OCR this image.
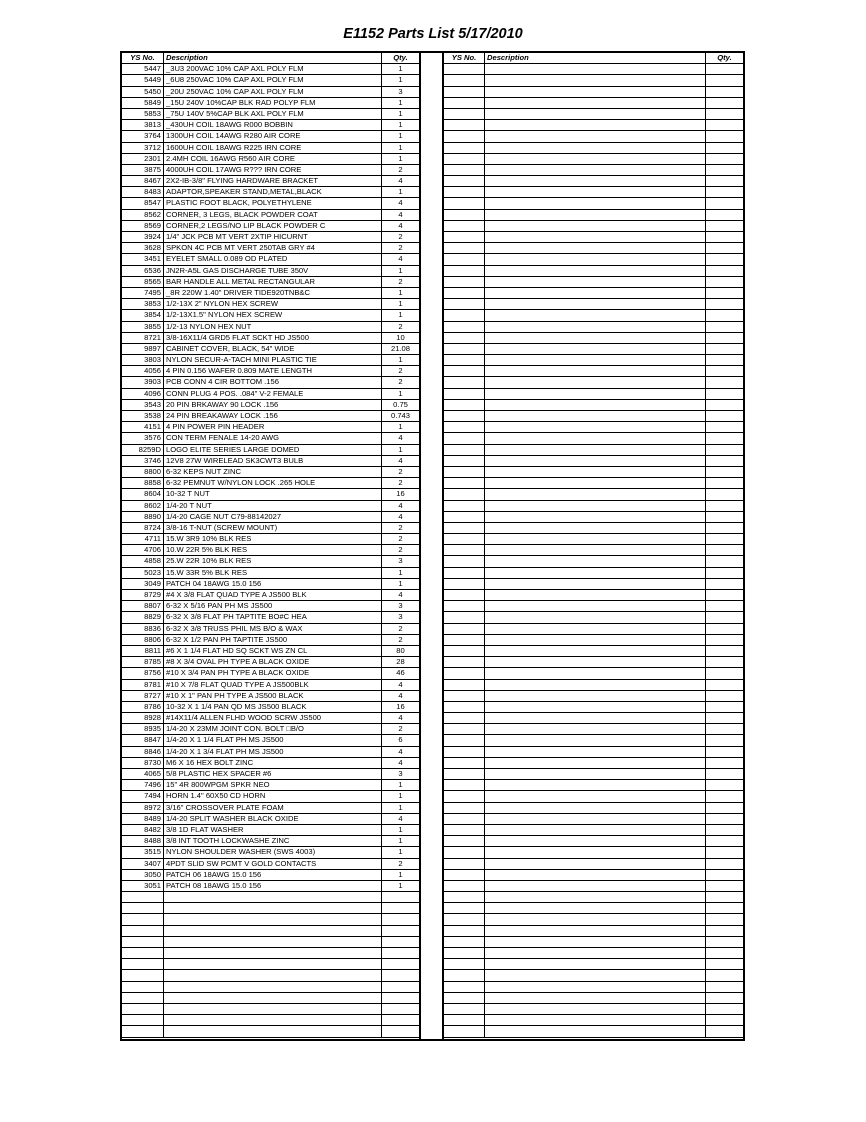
E1152 Parts List 5/17/2010
YS No.	Description	Qty.
5447 _3U3 200VAC 10% CAP AXL POLY FLM	1
5449 _6U8 250VAC 10% CAP AXL POLY FLM	1
5450 _20U 250VAC 10% CAP AXL POLY FLM	3
5849 _15U 240V 10%CAP BLK RAD POLYP FLM	1
5853 _75U 140V 5%CAP BLK AXL POLY FLM	1
3813 _430UH COIL 18AWG R000 BOBBIN	1
3764 1300UH COIL 14AWG R280 AIR CORE	1
3712 1600UH COIL 18AWG R225 IRN CORE	1
2301 2.4MH COIL 16AWG R560 AIR CORE	1
3875 4000UH COIL 17AWG R??? IRN CORE	2
8467 2X2-IB-3/8" FLYING HARDWARE BRACKET	4
8483 ADAPTOR,SPEAKER STAND,METAL,BLACK	1
8547 PLASTIC FOOT BLACK, POLYETHYLENE	4
8562 CORNER, 3 LEGS, BLACK POWDER COAT	4
8569 CORNER,2 LEGS/NO LIP BLACK POWDER C	4
3924 1/4" JCK PCB MT VERT 2XTIP HICURNT	2
3628 SPKON 4C PCB MT VERT 250TAB GRY #4	2
3451 EYELET SMALL 0.089 OD PLATED	4
6536 JN2R-A5L GAS DISCHARGE TUBE 350V	1
8565 BAR HANDLE ALL METAL RECTANGULAR	2
7495 _8R 220W 1.40" DRIVER TIDE920TNB&C	1
3853 1/2-13X 2" NYLON HEX SCREW	1
3854 1/2-13X1.5" NYLON HEX SCREW	1
3855 1/2-13 NYLON HEX NUT	2
8721 3/8-16X11/4 GRD5 FLAT SCKT HD JS500	10
9897 CABINET COVER, BLACK, 54" WIDE	21.08
3803 NYLON SECUR-A-TACH MINI PLASTIC TIE	1
4056 4 PIN 0.156 WAFER 0.809 MATE LENGTH	2
3903 PCB CONN 4 CIR BOTTOM .156	2
4096 CONN PLUG 4 POS. .084" V-2 FEMALE	1
3543 20 PIN BRKAWAY 90 LOCK .156	0.75
3538 24 PIN BREAKAWAY LOCK .156	0.743
4151 4 PIN POWER PIN HEADER	1
3576 CON TERM FENALE 14-20 AWG	4
8259D LOGO ELITE SERIES LARGE DOMED	1
3746 12V8 27W WIRELEAD SK3CWT3 BULB	4
8800 6-32 KEPS NUT ZINC	2
8858 6-32 PEMNUT W/NYLON LOCK .265 HOLE	2
8604 10-32 T NUT	16
8602 1/4-20 T NUT	4
8890 1/4-20 CAGE NUT C79-88142027	4
8724 3/8-16 T-NUT (SCREW MOUNT)	2
4711 15.W 3R9 10% BLK RES	2
4706 10.W 22R 5% BLK RES	2
4858 25.W 22R 10% BLK RES	3
5023 15.W 33R 5% BLK RES	1
3049 PATCH 04 18AWG 15.0 156	1
8729 #4 X 3/8 FLAT QUAD TYPE A JS500 BLK	4
8807 6-32 X 5/16 PAN PH MS JS500	3
8829 6-32 X 3/8 FLAT PH TAPTITE BO#C HEA	3
8836 6-32 X 3/8 TRUSS PHIL MS B/O & WAX	2
8806 6-32 X 1/2 PAN PH TAPTITE JS500	2
8811 #6 X 1 1/4 FLAT HD SQ SCKT WS ZN CL	80
8785 #8 X 3/4 OVAL PH TYPE A BLACK OXIDE	28
8756 #10 X 3/4 PAN PH TYPE A BLACK OXIDE	46
8781 #10 X 7/8 FLAT QUAD TYPE A JS500BLK	4
8727 #10 X 1" PAN PH TYPE A JS500 BLACK	4
8786 10-32 X 1 1/4 PAN QD MS JS500 BLACK	16
8928 #14X11/4 ALLEN FLHD WOOD SCRW JS500	4
8935 1/4-20 X 23MM JOINT CON. BOLT □B/O	2
8847 1/4-20 X 1 1/4 FLAT PH MS JS500	6
8846 1/4-20 X 1 3/4 FLAT PH MS JS500	4
8730 M6 X 16 HEX BOLT ZINC	4
4065 5/8 PLASTIC HEX SPACER #6	3
7496 15" 4R 800WPGM SPKR NEO	1
7494 HORN 1.4" 60X50 CD HORN	1
8972 3/16" CROSSOVER PLATE FOAM	1
8489 1/4-20 SPLIT WASHER BLACK OXIDE	4
8482 3/8 1D FLAT WASHER	1
8488 3/8 INT TOOTH LOCKWASHE ZINC	1
3515 NYLON SHOULDER WASHER (SWS 4003)	1
3407 4PDT SLID SW PCMT V GOLD CONTACTS	2
3050 PATCH 06 18AWG 15.0 156	1
3051 PATCH 08 18AWG 15.0 156	1
YS No.	Description	Qty.
